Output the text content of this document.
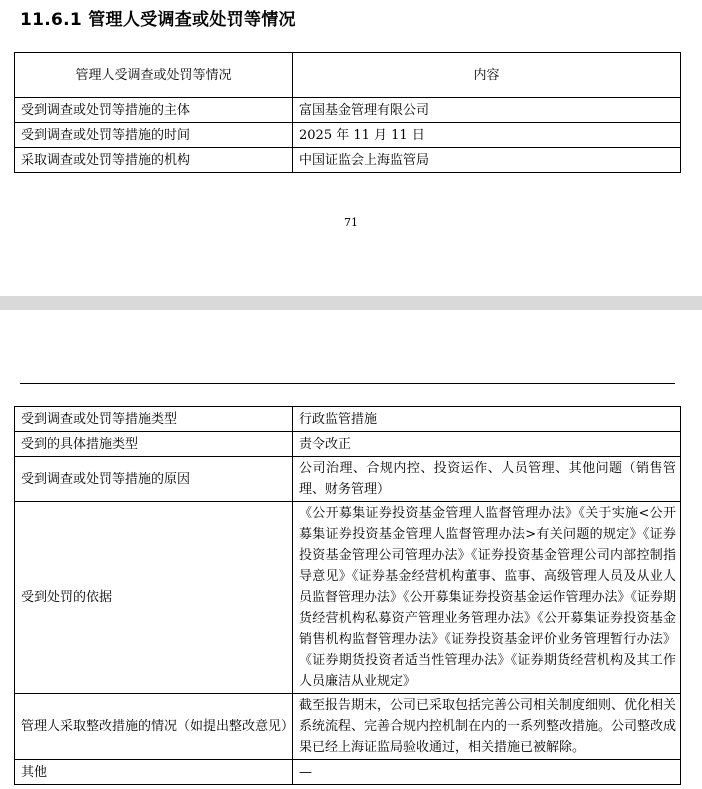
11.6.1 管理人受调查或处罚等情况
管理人受调查或处罚等情况	内容
受到调查或处罚等措施的主体	富国基金管理有限公司
受到调查或处罚等措施的时间	2025 年 11 月 11 日
采取调查或处罚等措施的机构	中国证监会上海监管局
71
受到调查或处罚等措施类型	行政监管措施
受到的具体措施类型	责令改正
受到调查或处罚等措施的原因	公司治理、合规内控、投资运作、人员管理、其他问题（销售管理、财务管理）
受到处罚的依据	《公开募集证券投资基金管理人监督管理办法》《关于实施<公开募集证券投资基金管理人监督管理办法>有关问题的规定》《证券投资基金管理公司管理办法》《证券投资基金管理公司内部控制指导意见》《证券基金经营机构董事、监事、高级管理人员及从业人员监督管理办法》《公开募集证券投资基金运作管理办法》《证券期货经营机构私募资产管理业务管理办法》《公开募集证券投资基金销售机构监督管理办法》《证券投资基金评价业务管理暂行办法》《证券期货投资者适当性管理办法》《证券期货经营机构及其工作人员廉洁从业规定》
管理人采取整改措施的情况（如提出整改意见）	截至报告期末，公司已采取包括完善公司相关制度细则、优化相关系统流程、完善合规内控机制在内的一系列整改措施。公司整改成果已经上海证监局验收通过，相关措施已被解除。
其他	—
